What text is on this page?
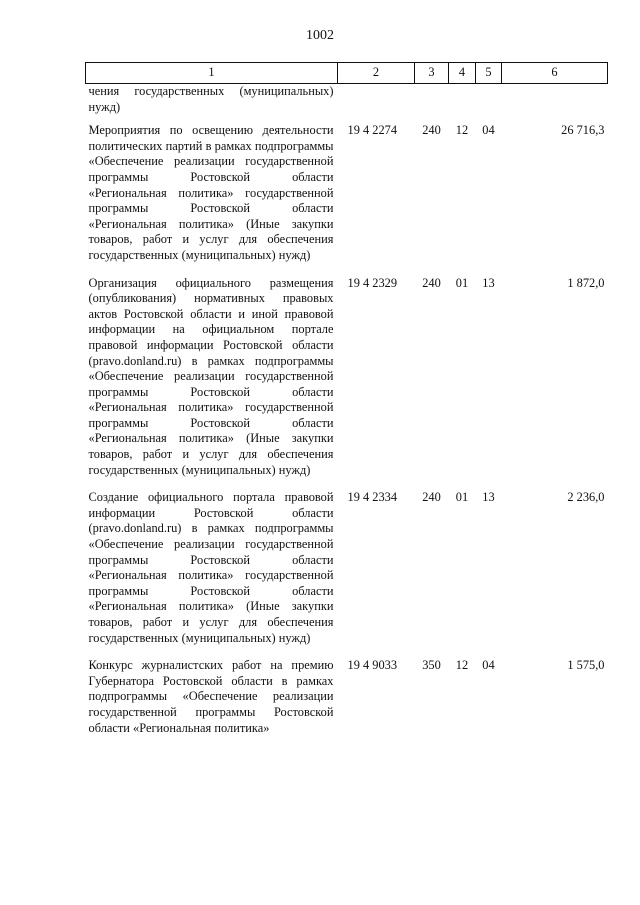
1002
1	2	3	4	5	6
чения государственных (муниципальных) нужд)					
Мероприятия по освещению деятельности политических партий в рамках подпрограммы «Обеспечение реализации государственной программы Ростовской области «Региональная политика» государственной программы Ростовской области «Региональная политика» (Иные закупки товаров, работ и услуг для обеспечения государственных (муниципальных) нужд)	19 4 2274	240	12	04	26 716,3
Организация официального размещения (опубликования) нормативных правовых актов Ростовской области и иной правовой информации на официальном портале правовой информации Ростовской области (pravo.donland.ru) в рамках подпрограммы «Обеспечение реализации государственной программы Ростовской области «Региональная политика» государственной программы Ростовской области «Региональная политика» (Иные закупки товаров, работ и услуг для обеспечения государственных (муниципальных) нужд)	19 4 2329	240	01	13	1 872,0
Создание официального портала правовой информации Ростовской области (pravo.donland.ru) в рамках подпрограммы «Обеспечение реализации государственной программы Ростовской области «Региональная политика» государственной программы Ростовской области «Региональная политика» (Иные закупки товаров, работ и услуг для обеспечения государственных (муниципальных) нужд)	19 4 2334	240	01	13	2 236,0
Конкурс журналистских работ на премию Губернатора Ростовской области в рамках подпрограммы «Обеспечение реализации государственной программы Ростовской области «Региональная политика»	19 4 9033	350	12	04	1 575,0
